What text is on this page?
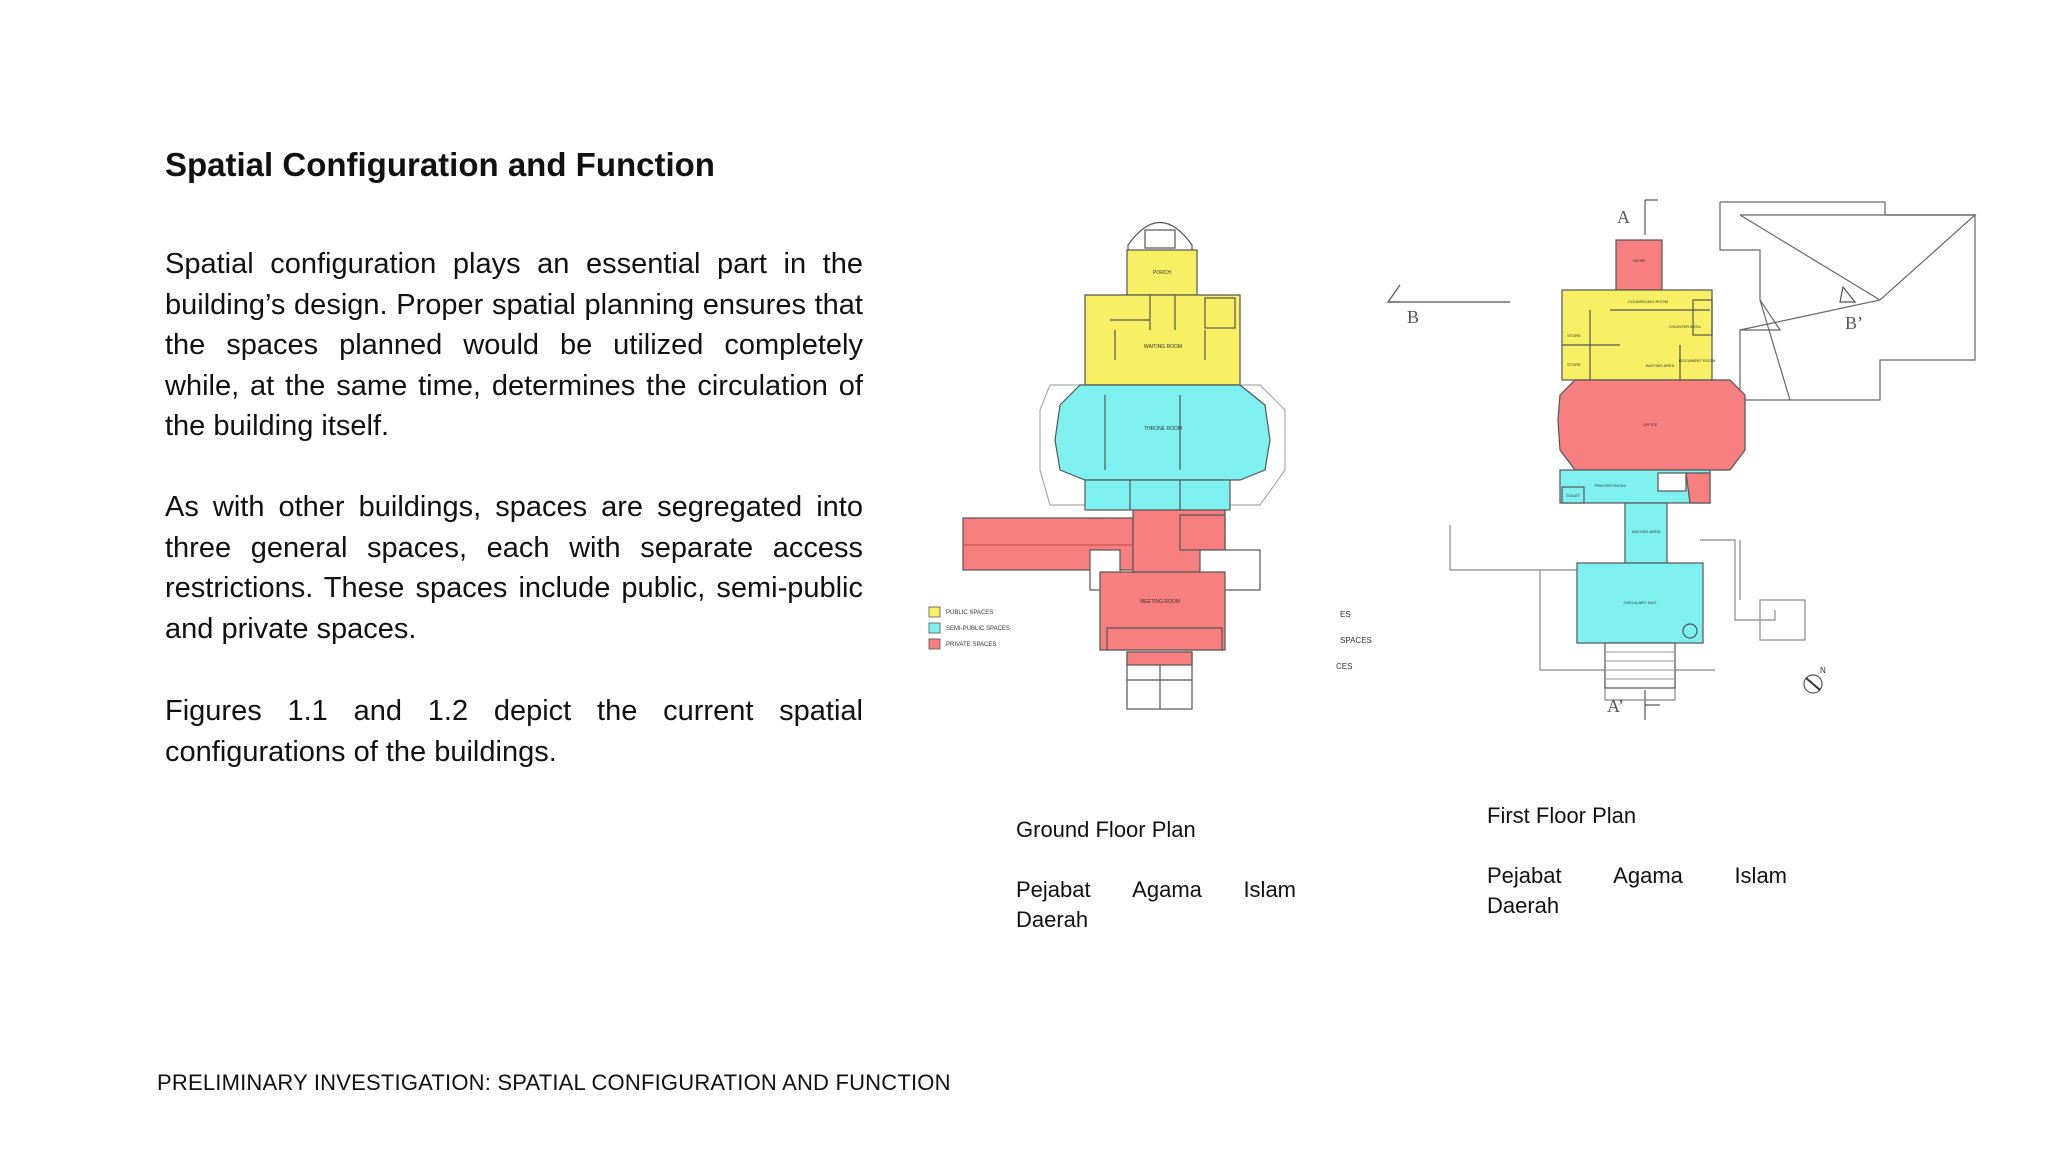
Spatial Configuration and Function

Spatial configuration plays an essential part in the building’s design. Proper spatial planning ensures that the spaces planned would be utilized completely while, at the same time, determines the circulation of the building itself.

As with other buildings, spaces are segregated into three general spaces, each with separate access restrictions. These spaces include public, semi-public and private spaces.

Figures 1.1 and 1.2 depict the current spatial configurations of the buildings.

PORCH
WAITING ROOM
THRONE ROOM
MEETING ROOM
PUBLIC SPACES
SEMI-PUBLIC SPACES
PRIVATE SPACES
ES
SPACES
CES
A
A’
B	B’
N
NICHE
COUNSELING ROOM
COUNTER AREA
STORE
STORE	WAITING AREA
DOCUMENT ROOM
OFFICE
PRINTER ROOM
TOILET
WAITING AREA
CIRCULARY SAIT
Ground Floor Plan
Pejabat Agama Islam
Daerah
First Floor Plan
Pejabat Agama Islam
Daerah
PRELIMINARY INVESTIGATION: SPATIAL CONFIGURATION AND FUNCTION
